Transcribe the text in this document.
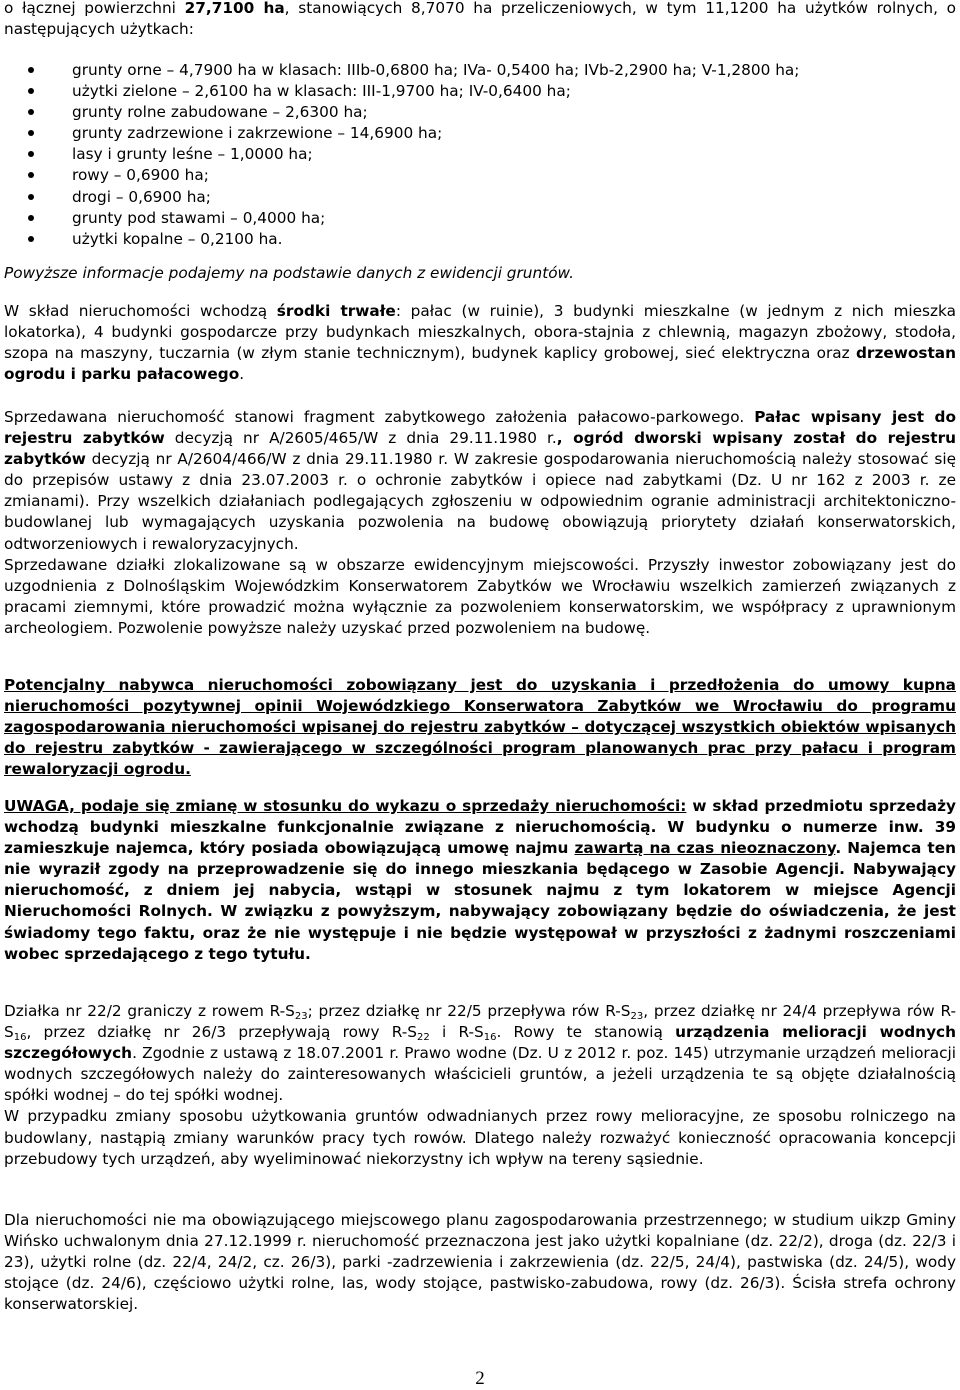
o łącznej powierzchni 27,7100 ha, stanowiących 8,7070 ha przeliczeniowych, w tym 11,1200 ha użytków rolnych, o następujących użytkach:

grunty orne – 4,7900 ha w klasach: IIIb-0,6800 ha; IVa- 0,5400 ha; IVb-2,2900 ha; V-1,2800 ha;
użytki zielone – 2,6100 ha w klasach: III-1,9700 ha; IV-0,6400 ha;
grunty rolne zabudowane – 2,6300 ha;
grunty zadrzewione i zakrzewione – 14,6900 ha;
lasy i grunty leśne – 1,0000 ha;
rowy – 0,6900 ha;
drogi – 0,6900 ha;
grunty pod stawami – 0,4000 ha;
użytki kopalne – 0,2100 ha.

Powyższe informacje podajemy na podstawie danych z ewidencji gruntów.

W skład nieruchomości wchodzą środki trwałe: pałac (w ruinie), 3 budynki mieszkalne (w jednym z nich mieszka lokatorka), 4 budynki gospodarcze przy budynkach mieszkalnych, obora-stajnia z chlewnią, magazyn zbożowy, stodoła, szopa na maszyny, tuczarnia (w złym stanie technicznym), budynek kaplicy grobowej, sieć elektryczna oraz drzewostan ogrodu i parku pałacowego.

Sprzedawana nieruchomość stanowi fragment zabytkowego założenia pałacowo-parkowego. Pałac wpisany jest do rejestru zabytków decyzją nr A/2605/465/W z dnia 29.11.1980 r., ogród dworski wpisany został do rejestru zabytków decyzją nr A/2604/466/W z dnia 29.11.1980 r. W zakresie gospodarowania nieruchomością należy stosować się do przepisów ustawy z dnia 23.07.2003 r. o ochronie zabytków i opiece nad zabytkami (Dz. U nr 162 z 2003 r. ze zmianami). Przy wszelkich działaniach podlegających zgłoszeniu w odpowiednim ogranie administracji architektoniczno-budowlanej lub wymagających uzyskania pozwolenia na budowę obowiązują priorytety działań konserwatorskich, odtworzeniowych i rewaloryzacyjnych.

Sprzedawane działki zlokalizowane są w obszarze ewidencyjnym miejscowości. Przyszły inwestor zobowiązany jest do uzgodnienia z Dolnośląskim Wojewódzkim Konserwatorem Zabytków we Wrocławiu wszelkich zamierzeń związanych z pracami ziemnymi, które prowadzić można wyłącznie za pozwoleniem konserwatorskim, we współpracy z uprawnionym archeologiem. Pozwolenie powyższe należy uzyskać przed pozwoleniem na budowę.

Potencjalny nabywca nieruchomości zobowiązany jest do uzyskania i przedłożenia do umowy kupna nieruchomości pozytywnej opinii Wojewódzkiego Konserwatora Zabytków we Wrocławiu do programu zagospodarowania nieruchomości wpisanej do rejestru zabytków – dotyczącej wszystkich obiektów wpisanych do rejestru zabytków - zawierającego w szczególności program planowanych prac przy pałacu i program rewaloryzacji ogrodu.

UWAGA, podaje się zmianę w stosunku do wykazu o sprzedaży nieruchomości: w skład przedmiotu sprzedaży wchodzą budynki mieszkalne funkcjonalnie związane z nieruchomością. W budynku o numerze inw. 39 zamieszkuje najemca, który posiada obowiązującą umowę najmu zawartą na czas nieoznaczony. Najemca ten nie wyraził zgody na przeprowadzenie się do innego mieszkania będącego w Zasobie Agencji. Nabywający nieruchomość, z dniem jej nabycia, wstąpi w stosunek najmu z tym lokatorem w miejsce Agencji Nieruchomości Rolnych. W związku z powyższym, nabywający zobowiązany będzie do oświadczenia, że jest świadomy tego faktu, oraz że nie występuje i nie będzie występował w przyszłości z żadnymi roszczeniami wobec sprzedającego z tego tytułu.

Działka nr 22/2 graniczy z rowem $R-S_{23}$; przez działkę nr 22/5 przepływa rów $R-S_{23}$, przez działkę nr 24/4 przepływa rów $R-S_{16}$, przez działkę nr 26/3 przepływają rowy $R-S_{22}$ i $R-S_{16}$. Rowy te stanowią urządzenia melioracji wodnych szczegółowych. Zgodnie z ustawą z 18.07.2001 r. Prawo wodne (Dz. U z 2012 r. poz. 145) utrzymanie urządzeń melioracji wodnych szczegółowych należy do zainteresowanych właścicieli gruntów, a jeżeli urządzenia te są objęte działalnością spółki wodnej – do tej spółki wodnej.

W przypadku zmiany sposobu użytkowania gruntów odwadnianych przez rowy melioracyjne, ze sposobu rolniczego na budowlany, nastąpią zmiany warunków pracy tych rowów. Dlatego należy rozważyć konieczność opracowania koncepcji przebudowy tych urządzeń, aby wyeliminować niekorzystny ich wpływ na tereny sąsiednie.

Dla nieruchomości nie ma obowiązującego miejscowego planu zagospodarowania przestrzennego; w studium uikzp Gminy Wińsko uchwalonym dnia 27.12.1999 r. nieruchomość przeznaczona jest jako użytki kopalniane (dz. 22/2), droga (dz. 22/3 i 23), użytki rolne (dz. 22/4, 24/2, cz. 26/3), parki -zadrzewienia i zakrzewienia (dz. 22/5, 24/4), pastwiska (dz. 24/5), wody stojące (dz. 24/6), częściowo użytki rolne, las, wody stojące, pastwisko-zabudowa, rowy (dz. 26/3). Ścisła strefa ochrony konserwatorskiej.

2
